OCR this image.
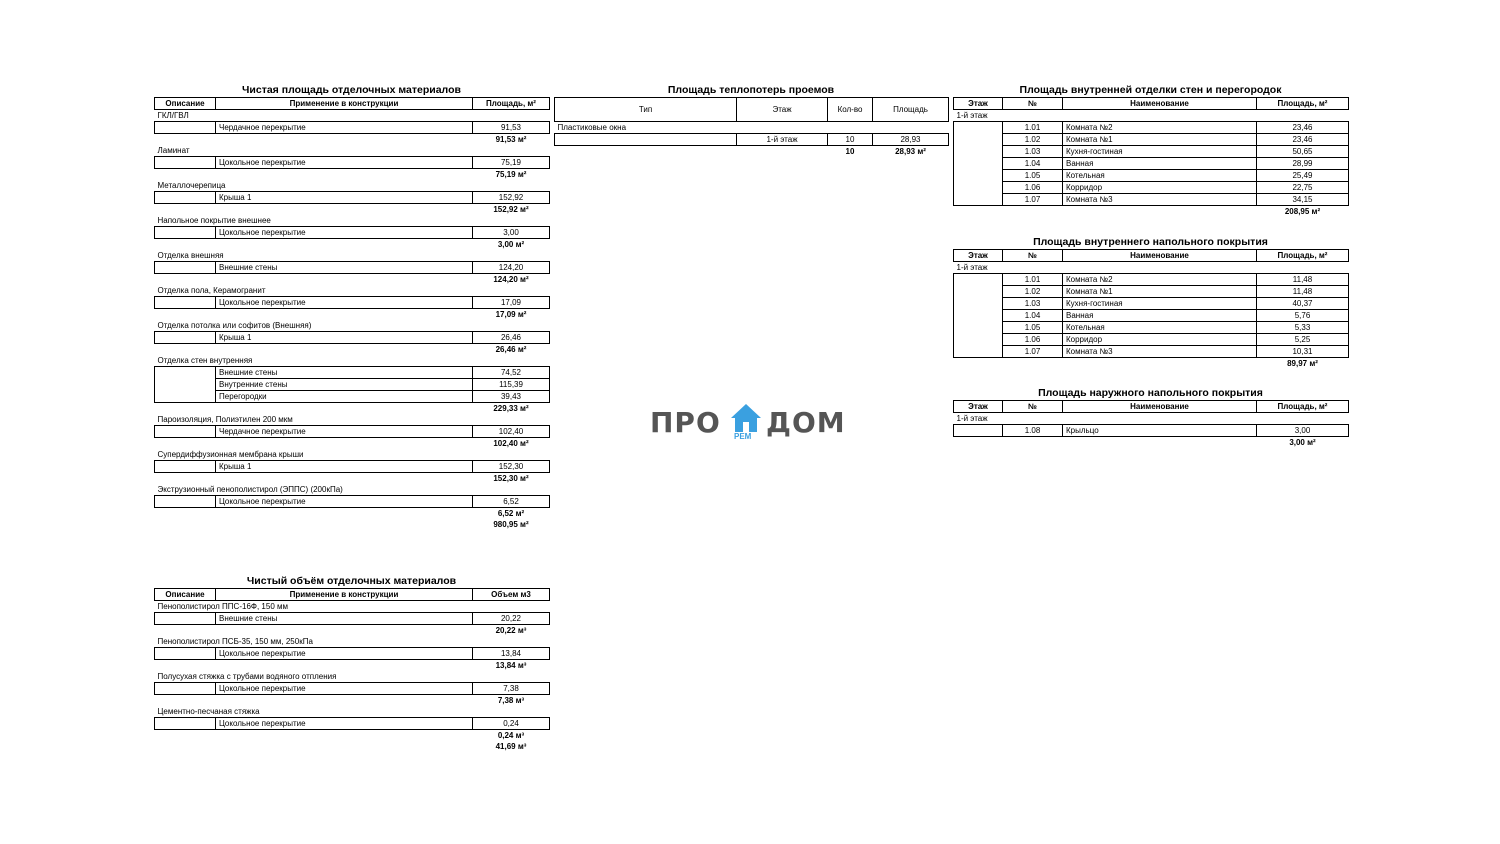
Чистая площадь отделочных материалов
Описание	Применение в конструкции	Площадь, м²
ГКЛ/ГВЛ		
	Чердачное перекрытие	91,53
		91,53 м²
Ламинат		
	Цокольное перекрытие	75,19
		75,19 м²
Металлочерепица		
	Крыша 1	152,92
		152,92 м²
Напольное покрытие внешнее		
	Цокольное перекрытие	3,00
		3,00 м²
Отделка внешняя		
	Внешние стены	124,20
		124,20 м²
Отделка пола, Керамогранит		
	Цокольное перекрытие	17,09
		17,09 м²
Отделка потолка или софитов (Внешняя)		
	Крыша 1	26,46
		26,46 м²
Отделка стен внутренняя		
	Внешние стены	74,52
	Внутренние стены	115,39
	Перегородки	39,43
		229,33 м²
Пароизоляция, Полиэтилен 200 мкм		
	Чердачное перекрытие	102,40
		102,40 м²
Супердиффузионная мембрана крыши		
	Крыша 1	152,30
		152,30 м²
Экструзионный пенополистирол (ЭППС) (200кПа)		
	Цокольное перекрытие	6,52
		6,52 м²
		980,95 м²
Чистый объём отделочных материалов
Описание	Применение в конструкции	Объем м3
Пенополистирол ППС-16Ф, 150 мм		
	Внешние стены	20,22
		20,22 м³
Пенополистирол ПСБ-35, 150 мм, 250кПа		
	Цокольное перекрытие	13,84
		13,84 м³
Полусухая стяжка с трубами водяного отпления		
	Цокольное перекрытие	7,38
		7,38 м³
Цементно-песчаная стяжка		
	Цокольное перекрытие	0,24
		0,24 м³
		41,69 м³
Площадь теплопотерь проемов
Тип	Этаж	Кол-во	Площадь
Пластиковые окна			
	1-й этаж	10	28,93
		10	28,93 м²
Площадь внутренней отделки стен и перегородок
Этаж	№	Наименование	Площадь, м²
1-й этаж			
	1.01	Комната №2	23,46
	1.02	Комната №1	23,46
	1.03	Кухня-гостиная	50,65
	1.04	Ванная	28,99
	1.05	Котельная	25,49
	1.06	Корридор	22,75
	1.07	Комната №3	34,15
			208,95 м²
Площадь внутреннего напольного покрытия
Этаж	№	Наименование	Площадь, м²
1-й этаж			
	1.01	Комната №2	11,48
	1.02	Комната №1	11,48
	1.03	Кухня-гостиная	40,37
	1.04	Ванная	5,76
	1.05	Котельная	5,33
	1.06	Корридор	5,25
	1.07	Комната №3	10,31
			89,97 м²
Площадь наружного напольного покрытия
Этаж	№	Наименование	Площадь, м²
1-й этаж			
	1.08	Крыльцо	3,00
			3,00 м²
ПРО РЕМ ДОМ
